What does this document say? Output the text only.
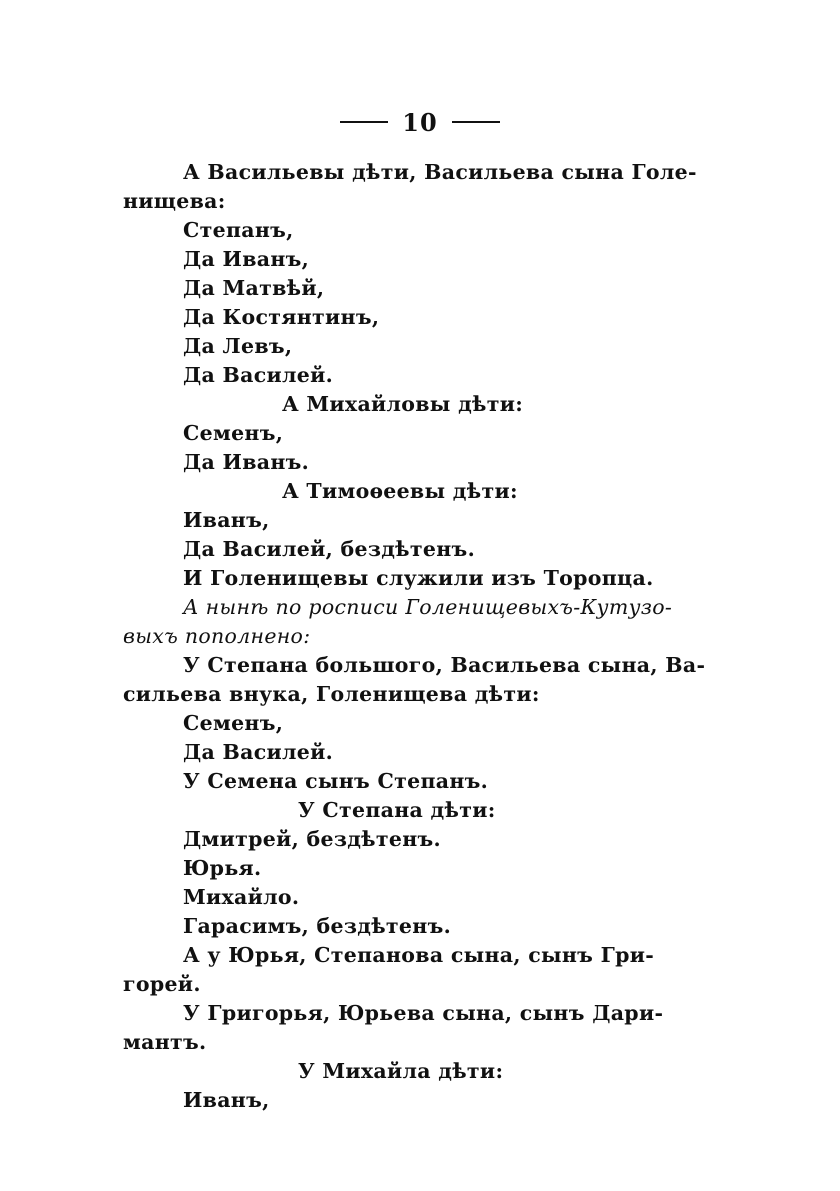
10
А Васильевы дѣти, Васильева сына Голе-
нищева:
Степанъ,
Да Иванъ,
Да Матвѣй,
Да Костянтинъ,
Да Левъ,
Да Василей.
А Михайловы дѣти:
Семенъ,
Да Иванъ.
А Тимоѳеевы дѣти:
Иванъ,
Да Василей, бездѣтенъ.
И Голенищевы служили изъ Торопца.
А нынѣ по росписи Голенищевыхъ-Кутузо-
выхъ пополнено:
У Степана большого, Васильева сына, Ва-
сильева внука, Голенищева дѣти:
Семенъ,
Да Василей.
У Семена сынъ Степанъ.
У Степана дѣти:
Дмитрей, бездѣтенъ.
Юрья.
Михайло.
Гарасимъ, бездѣтенъ.
А у Юрья, Степанова сына, сынъ Гри-
горей.
У Григорья, Юрьева сына, сынъ Дари-
мантъ.
У Михайла дѣти:
Иванъ,
